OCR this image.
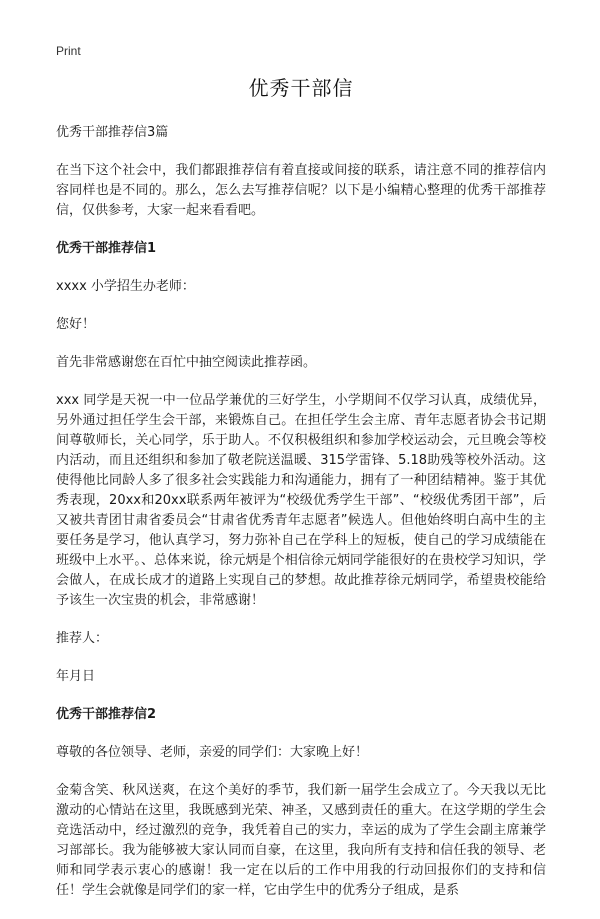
Print
优秀干部信

优秀干部推荐信3篇

在当下这个社会中，我们都跟推荐信有着直接或间接的联系，请注意不同的推荐信内容同样也是不同的。那么，怎么去写推荐信呢？以下是小编精心整理的优秀干部推荐信，仅供参考，大家一起来看看吧。

优秀干部推荐信1

xxxx 小学招生办老师：

您好！

首先非常感谢您在百忙中抽空阅读此推荐函。

xxx 同学是天祝一中一位品学兼优的三好学生，小学期间不仅学习认真，成绩优异，另外通过担任学生会干部，来锻炼自己。在担任学生会主席、青年志愿者协会书记期间尊敬师长，关心同学，乐于助人。不仅积极组织和参加学校运动会，元旦晚会等校内活动，而且还组织和参加了敬老院送温暖、315学雷锋、5.18助残等校外活动。这使得他比同龄人多了很多社会实践能力和沟通能力，拥有了一种团结精神。鉴于其优秀表现，20xx和20xx联系两年被评为“校级优秀学生干部”、“校级优秀团干部”，后又被共青团甘肃省委员会“甘肃省优秀青年志愿者”候选人。但他始终明白高中生的主要任务是学习，他认真学习，努力弥补自己在学科上的短板，使自己的学习成绩能在班级中上水平。、总体来说，徐元炳是个相信徐元炳同学能很好的在贵校学习知识，学会做人，在成长成才的道路上实现自己的梦想。故此推荐徐元炳同学，希望贵校能给予该生一次宝贵的机会，非常感谢！

推荐人：

年月日

优秀干部推荐信2

尊敬的各位领导、老师，亲爱的同学们：大家晚上好！

金菊含笑、秋风送爽，在这个美好的季节，我们新一届学生会成立了。今天我以无比激动的心情站在这里，我既感到光荣、神圣，又感到责任的重大。在这学期的学生会竞选活动中，经过激烈的竞争，我凭着自己的实力，幸运的成为了学生会副主席兼学习部部长。我为能够被大家认同而自豪，在这里，我向所有支持和信任我的领导、老师和同学表示衷心的感谢！我一定在以后的工作中用我的行动回报你们的支持和信任！学生会就像是同学们的家一样，它由学生中的优秀分子组成，是系
